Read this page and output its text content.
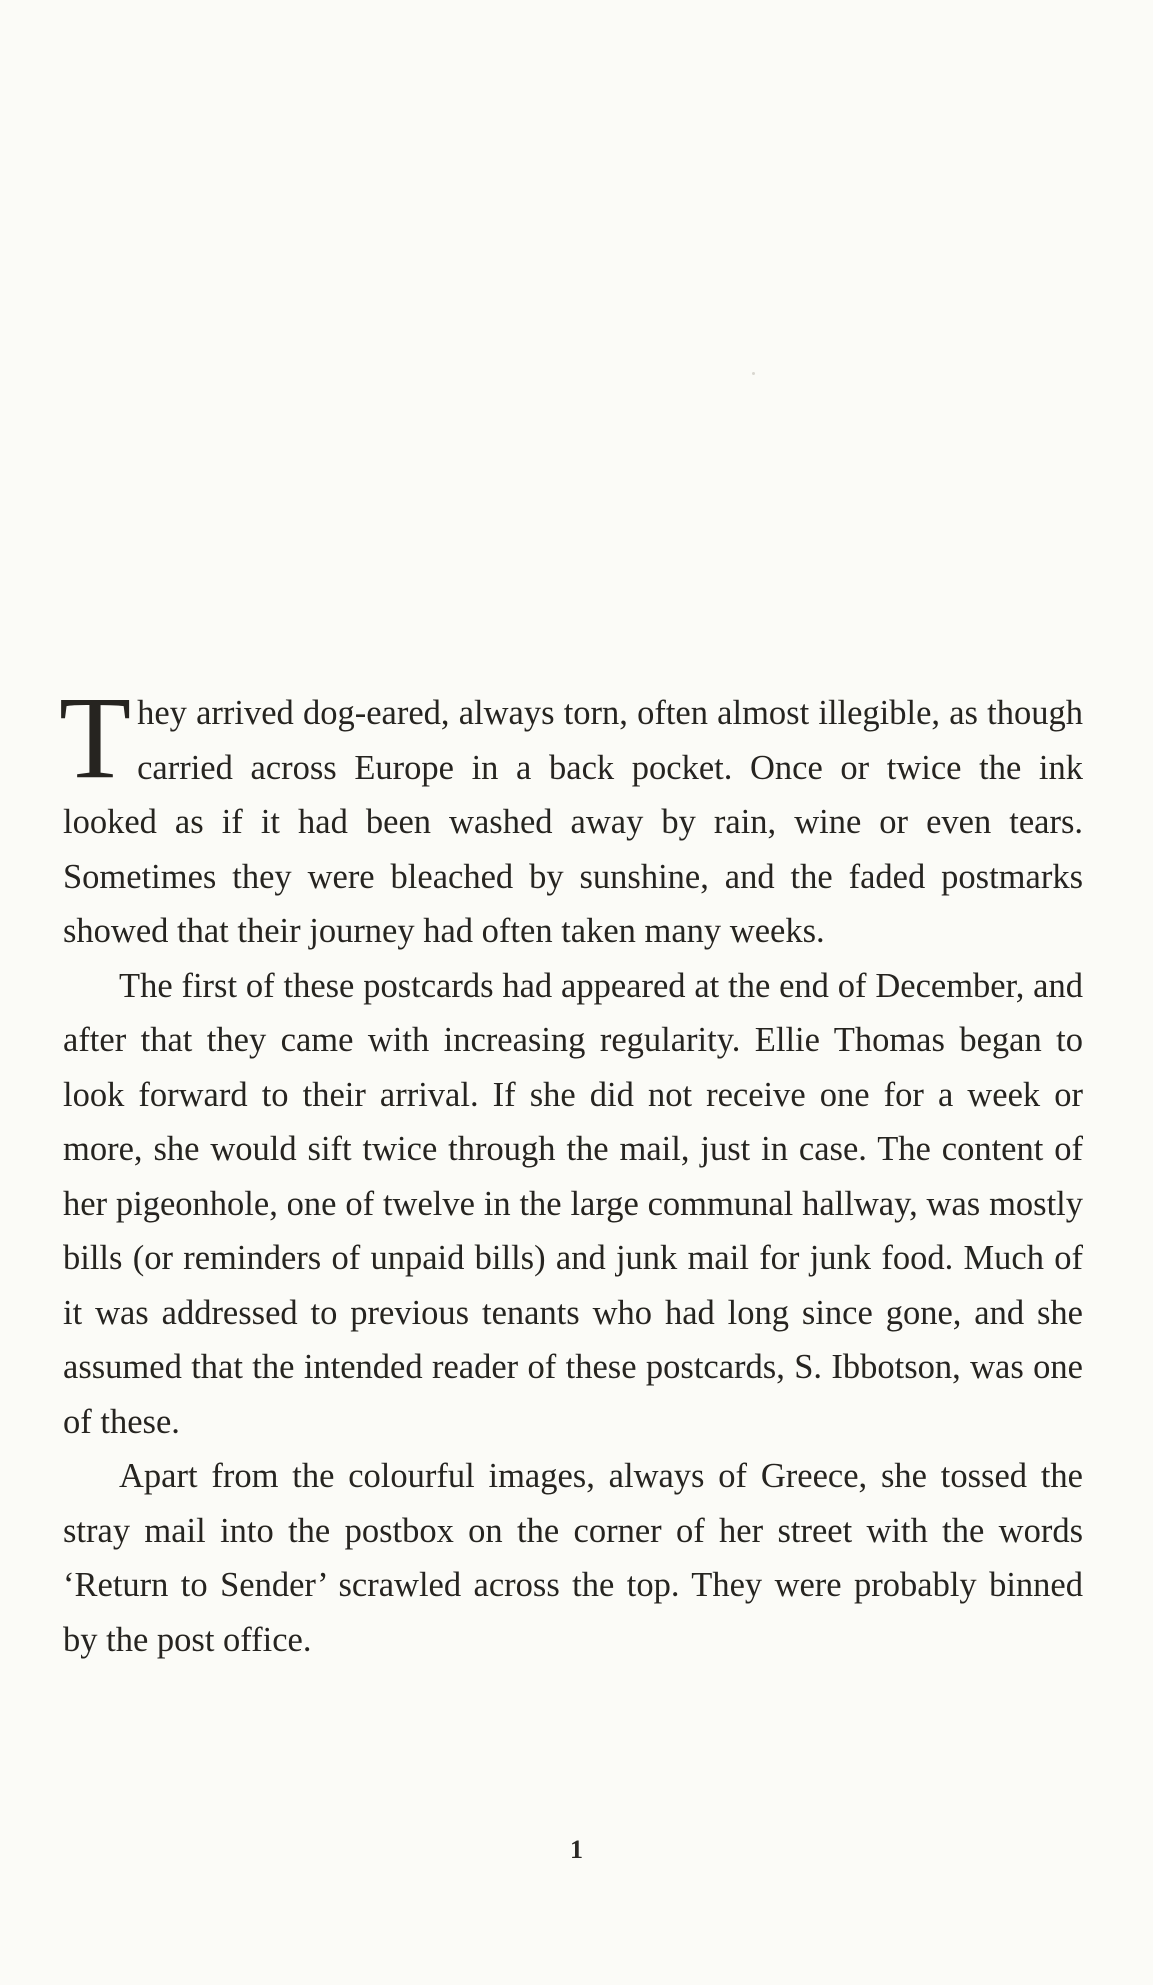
They arrived dog-eared, always torn, often almost illegible, as though carried across Europe in a back pocket. Once or twice the ink looked as if it had been washed away by rain, wine or even tears. Sometimes they were bleached by sunshine, and the faded postmarks showed that their journey had often taken many weeks.

The first of these postcards had appeared at the end of December, and after that they came with increasing regularity. Ellie Thomas began to look forward to their arrival. If she did not receive one for a week or more, she would sift twice through the mail, just in case. The content of her pigeonhole, one of twelve in the large communal hallway, was mostly bills (or reminders of unpaid bills) and junk mail for junk food. Much of it was addressed to previous tenants who had long since gone, and she assumed that the intended reader of these postcards, S. Ibbotson, was one of these.

Apart from the colourful images, always of Greece, she tossed the stray mail into the postbox on the corner of her street with the words ‘Return to Sender’ scrawled across the top. They were probably binned by the post office.

1
